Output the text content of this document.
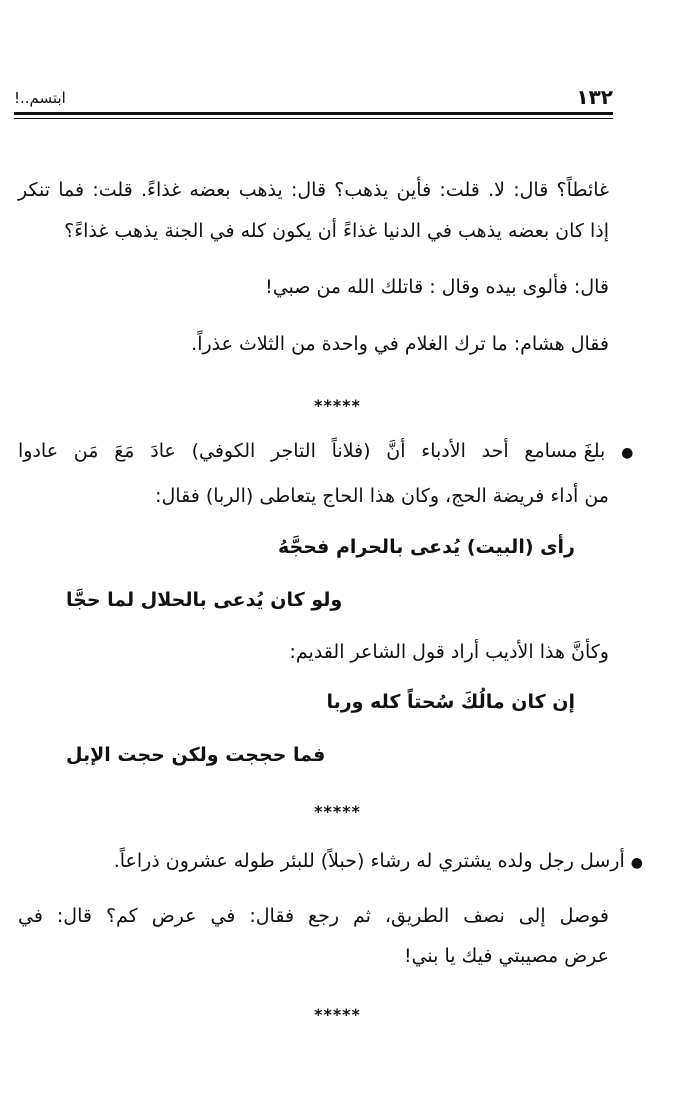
١٣٢
ابتسم..!
غائطاً؟ قال: لا. قلت: فأين يذهب؟ قال: يذهب بعضه غذاءً. قلت: فما تنكر
إذا كان بعضه يذهب في الدنيا غذاءً أن يكون كله في الجنة يذهب غذاءً؟
قال: فألوى بيده وقال : قاتلك الله من صبي!
فقال هشام: ما ترك الغلام في واحدة من الثلاث عذراً.
*****
● بلغَ مسامع أحد الأدباء أنَّ (فلاناً التاجر الكوفي) عادَ مَعَ مَن عادوا
من أداء فريضة الحج، وكان هذا الحاج يتعاطى (الربا) فقال:
رأى (البيت) يُدعى بالحرام فحجَّهُ
ولو كان يُدعى بالحلال لما حجَّا
وكأنَّ هذا الأديب أراد قول الشاعر القديم:
إن كان مالُكَ سُحتاً كله وربا
فما حججت ولكن حجت الإبل
*****
● أرسل رجل ولده يشتري له رشاء (حبلاً) للبئر طوله عشرون ذراعاً.
فوصل إلى نصف الطريق، ثم رجع فقال: في عرض كم؟ قال: في
عرض مصيبتي فيك يا بني!
*****
